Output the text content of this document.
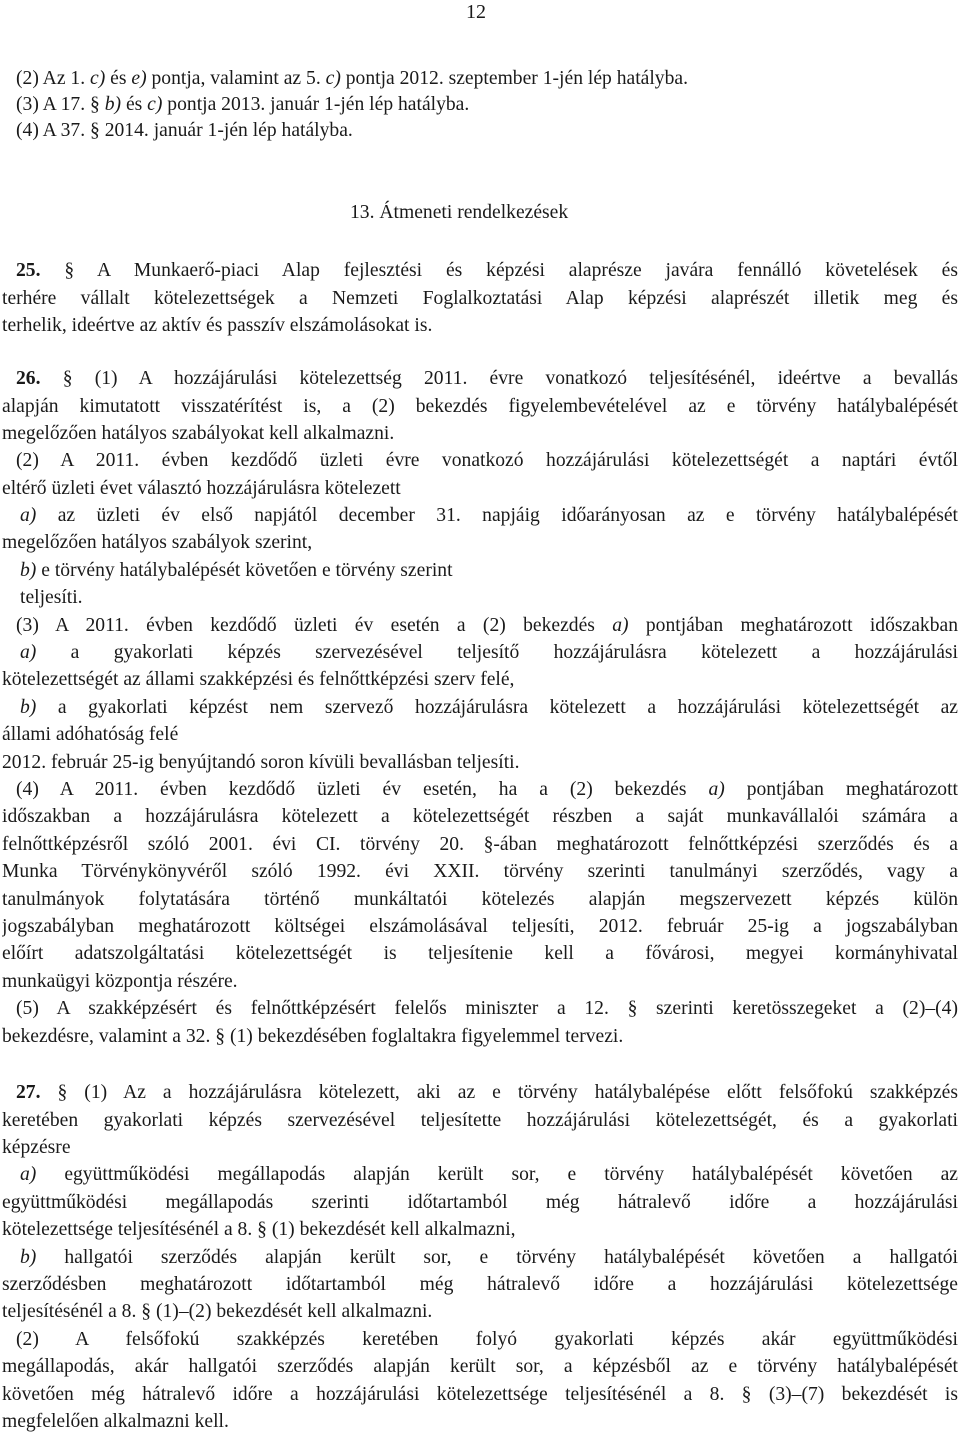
12
(2) Az 1. c) és e) pontja, valamint az 5. c) pontja 2012. szeptember 1-jén lép hatályba.
(3) A 17. § b) és c) pontja 2013. január 1-jén lép hatályba.
(4) A 37. § 2014. január 1-jén lép hatályba.
13. Átmeneti rendelkezések
25. § A Munkaerő-piaci Alap fejlesztési és képzési alaprésze javára fennálló követelések és
terhére vállalt kötelezettségek a Nemzeti Foglalkoztatási Alap képzési alaprészét illetik meg és
terhelik, ideértve az aktív és passzív elszámolásokat is.
26. § (1) A hozzájárulási kötelezettség 2011. évre vonatkozó teljesítésénél, ideértve a bevallás
alapján kimutatott visszatérítést is, a (2) bekezdés figyelembevételével az e törvény hatálybalépését
megelőzően hatályos szabályokat kell alkalmazni.
(2) A 2011. évben kezdődő üzleti évre vonatkozó hozzájárulási kötelezettségét a naptári évtől
eltérő üzleti évet választó hozzájárulásra kötelezett
a) az üzleti év első napjától december 31. napjáig időarányosan az e törvény hatálybalépését
megelőzően hatályos szabályok szerint,
b) e törvény hatálybalépését követően e törvény szerint
teljesíti.
(3) A 2011. évben kezdődő üzleti év esetén a (2) bekezdés a) pontjában meghatározott időszakban
a) a gyakorlati képzés szervezésével teljesítő hozzájárulásra kötelezett a hozzájárulási
kötelezettségét az állami szakképzési és felnőttképzési szerv felé,
b) a gyakorlati képzést nem szervező hozzájárulásra kötelezett a hozzájárulási kötelezettségét az
állami adóhatóság felé
2012. február 25-ig benyújtandó soron kívüli bevallásban teljesíti.
(4) A 2011. évben kezdődő üzleti év esetén, ha a (2) bekezdés a) pontjában meghatározott
időszakban a hozzájárulásra kötelezett a kötelezettségét részben a saját munkavállalói számára a
felnőttképzésről szóló 2001. évi CI. törvény 20. §-ában meghatározott felnőttképzési szerződés és a
Munka Törvénykönyvéről szóló 1992. évi XXII. törvény szerinti tanulmányi szerződés, vagy a
tanulmányok folytatására történő munkáltatói kötelezés alapján megszervezett képzés külön
jogszabályban meghatározott költségei elszámolásával teljesíti, 2012. február 25-ig a jogszabályban
előírt adatszolgáltatási kötelezettségét is teljesítenie kell a fővárosi, megyei kormányhivatal
munkaügyi központja részére.
(5) A szakképzésért és felnőttképzésért felelős miniszter a 12. § szerinti keretösszegeket a (2)–(4)
bekezdésre, valamint a 32. § (1) bekezdésében foglaltakra figyelemmel tervezi.
27. § (1) Az a hozzájárulásra kötelezett, aki az e törvény hatálybalépése előtt felsőfokú szakképzés
keretében gyakorlati képzés szervezésével teljesítette hozzájárulási kötelezettségét, és a gyakorlati
képzésre
a) együttműködési megállapodás alapján került sor, e törvény hatálybalépését követően az
együttműködési megállapodás szerinti időtartamból még hátralevő időre a hozzájárulási
kötelezettsége teljesítésénél a 8. § (1) bekezdését kell alkalmazni,
b) hallgatói szerződés alapján került sor, e törvény hatálybalépését követően a hallgatói
szerződésben meghatározott időtartamból még hátralevő időre a hozzájárulási kötelezettsége
teljesítésénél a 8. § (1)–(2) bekezdését kell alkalmazni.
(2) A felsőfokú szakképzés keretében folyó gyakorlati képzés akár együttműködési
megállapodás, akár hallgatói szerződés alapján került sor, a képzésből az e törvény hatálybalépését
követően még hátralevő időre a hozzájárulási kötelezettsége teljesítésénél a 8. § (3)–(7) bekezdését is
megfelelően alkalmazni kell.
